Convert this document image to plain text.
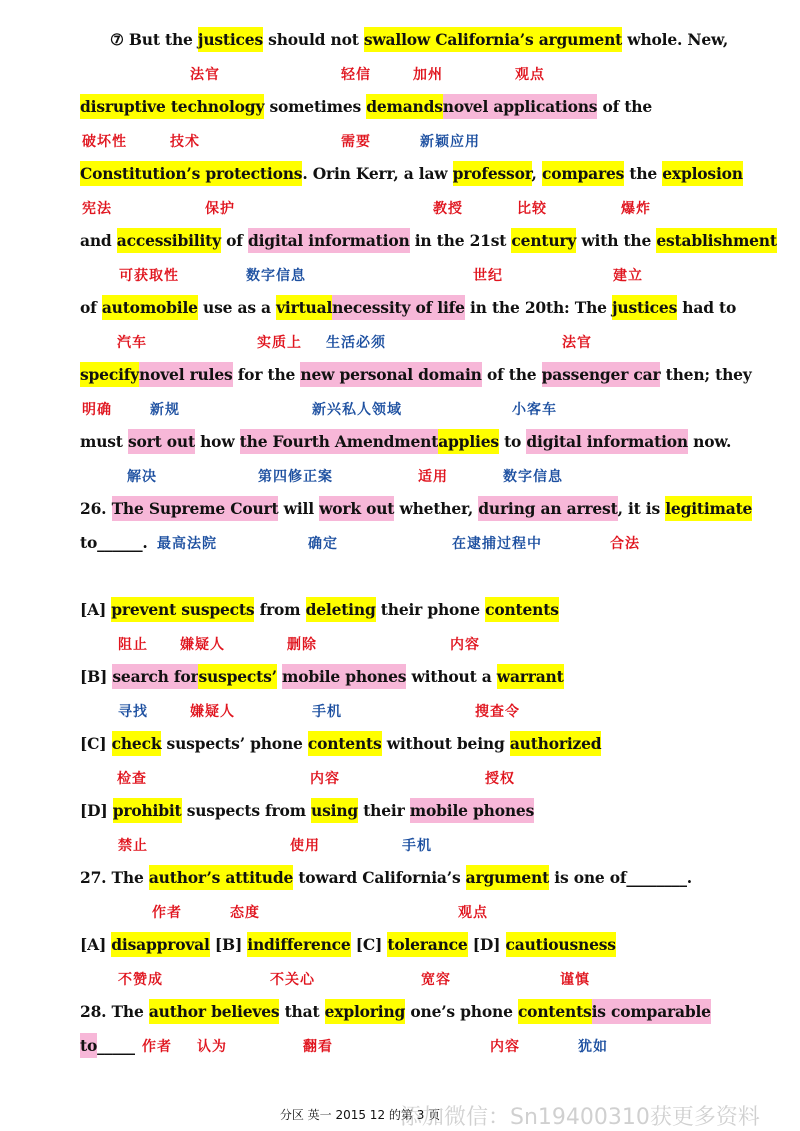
⑦ But the justices should not swallow California’s argument whole. New,
disruptive technology sometimes demandsnovel applications of the
Constitution’s protections. Orin Kerr, a law professor, compares the explosion
and accessibility of digital information in the 21st century with the establishment
of automobile use as a virtualnecessity of life in the 20th: The justices had to
specifynovel rules for the new personal domain of the passenger car then; they
must sort out how the Fourth Amendmentapplies to digital information now.
26. The Supreme Court will work out whether, during an arrest, it is legitimate
to______.
[A] prevent suspects from deleting their phone contents
[B] search forsuspects’ mobile phones without a warrant
[C] check suspects’ phone contents without being authorized
[D] prohibit suspects from using their mobile phones
27. The author’s attitude toward California’s argument is one of________.
[A] disapproval [B] indifference [C] tolerance [D] cautiousness
28. The author believes that exploring one’s phone contentsis comparable
to_____
法官	轻信	加州	观点
破坏性	技术	需要	新颖应用
宪法	保护	教授	比较	爆炸
可获取性	数字信息	世纪	建立
汽车	实质上 生活必须	法官
明确	新规	新兴私人领域	小客车
解决	第四修正案	适用	数字信息
最高法院	确定	在逮捕过程中	合法
阻止 嫌疑人	删除	内容
寻找	嫌疑人	手机	搜查令
检查	内容	授权
禁止	使用	手机
作者	态度	观点
不赞成	不关心	宽容	谨慎
作者 认为	翻看	内容	犹如
分区 英一 2015 12 的第 3 页
添加微信：Sn19400310获更多资料
